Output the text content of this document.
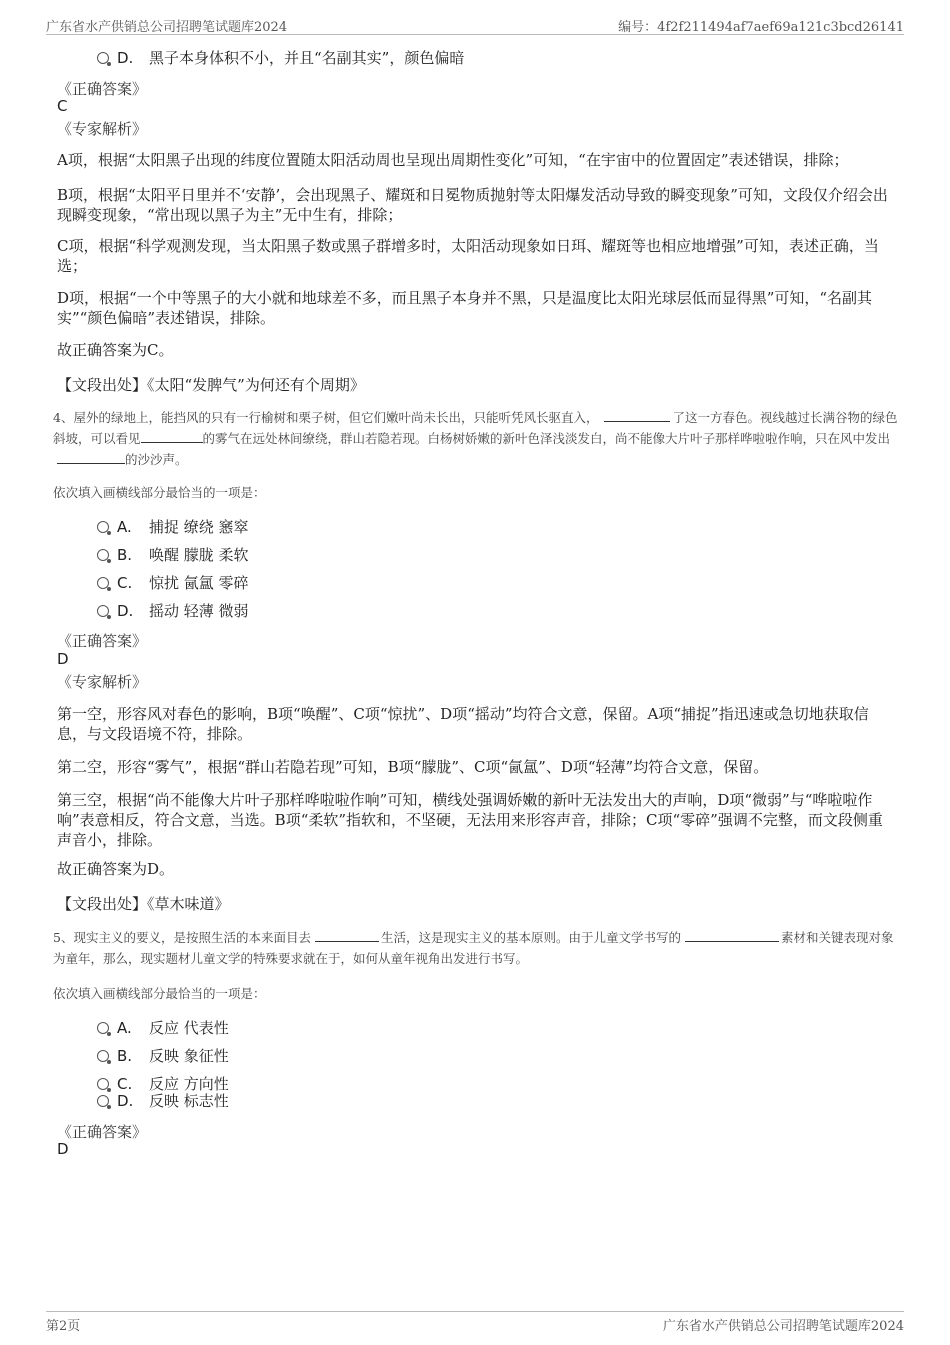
广东省水产供销总公司招聘笔试题库2024	编号：4f2f211494af7aef69a121c3bcd26141
D. 黑子本身体积不小，并且“名副其实”，颜色偏暗
《正确答案》
C
《专家解析》
A项，根据“太阳黑子出现的纬度位置随太阳活动周也呈现出周期性变化”可知，“在宇宙中的位置固定”表述错误，排除；
B项，根据“太阳平日里并不‘安静’，会出现黑子、耀斑和日冕物质抛射等太阳爆发活动导致的瞬变现象”可知，文段仅介绍会出现瞬变现象，“常出现以黑子为主”无中生有，排除；
C项，根据“科学观测发现，当太阳黑子数或黑子群增多时，太阳活动现象如日珥、耀斑等也相应地增强”可知，表述正确，当选；
D项，根据“一个中等黑子的大小就和地球差不多，而且黑子本身并不黑，只是温度比太阳光球层低而显得黑”可知，“名副其实”“颜色偏暗”表述错误，排除。
故正确答案为C。
【文段出处】《太阳“发脾气”为何还有个周期》
4、屋外的绿地上，能挡风的只有一行榆树和栗子树，但它们嫩叶尚未长出，只能听凭风长驱直入，	了这一方春色。视线越过长满谷物的绿色斜坡，可以看见	的雾气在远处林间缭绕，群山若隐若现。白杨树娇嫩的新叶色泽浅淡发白，尚不能像大片叶子那样哗啦啦作响，只在风中发出的沙沙声。
依次填入画横线部分最恰当的一项是：
A. 捕捉 缭绕 窸窣
B. 唤醒 朦胧 柔软
C. 惊扰 氤氲 零碎
D. 摇动 轻薄 微弱
《正确答案》
D
《专家解析》
第一空，形容风对春色的影响，B项“唤醒”、C项“惊扰”、D项“摇动”均符合文意，保留。A项“捕捉”指迅速或急切地获取信息，与文段语境不符，排除。
第二空，形容“雾气”，根据“群山若隐若现”可知，B项“朦胧”、C项“氤氲”、D项“轻薄”均符合文意，保留。
第三空，根据“尚不能像大片叶子那样哗啦啦作响”可知，横线处强调娇嫩的新叶无法发出大的声响，D项“微弱”与“哗啦啦作响”表意相反，符合文意，当选。B项“柔软”指软和，不坚硬，无法用来形容声音，排除；C项“零碎”强调不完整，而文段侧重声音小，排除。
故正确答案为D。
【文段出处】《草木味道》
5、现实主义的要义，是按照生活的本来面目去	生活，这是现实主义的基本原则。由于儿童文学书写的	素材和关键表现对象为童年，那么，现实题材儿童文学的特殊要求就在于，如何从童年视角出发进行书写。
依次填入画横线部分最恰当的一项是：
A. 反应 代表性
B. 反映 象征性
C. 反应 方向性
D. 反映 标志性
《正确答案》
D
第2页	广东省水产供销总公司招聘笔试题库2024
